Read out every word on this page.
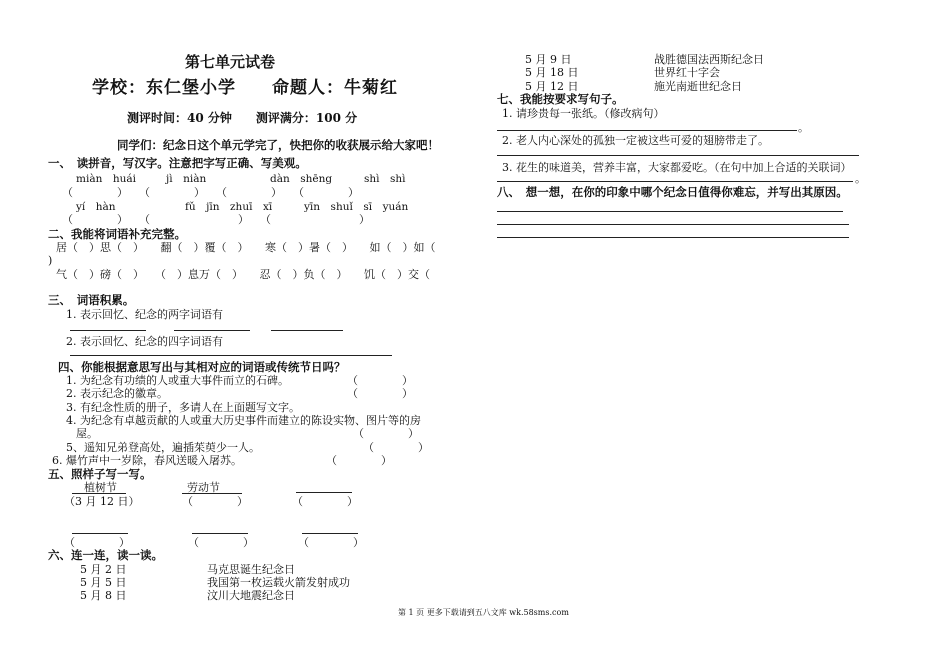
第七单元试卷
学校：东仁堡小学　　命题人：牛菊红
测评时间：40 分钟　　测评满分：100 分
同学们：纪念日这个单元学完了，快把你的收获展示给大家吧！
一、　读拼音，写汉字。注意把字写正确、写美观。
miàn　huái	jì　niàn	dàn　shēng	shì　shì
（　　　　）　　（　　　　）　　（　　　　）　　（　　　　）
yí　hàn	fǔ　jīn　zhuī　xī	yīn　shuǐ　sī　yuán
（　　　　）　　（　　　　　　　　）　　（　　　　　　　　）
二、我能将词语补充完整。
居（　）思（　）　　翻（　）覆（　）　　寒（　）暑（　）　　如（　）如（
)
气（　）磅（　）　　（　）息万（　）　　忍（　）负（　）　　饥（　）交（
三、　词语积累。
1. 表示回忆、纪念的两字词语有
2. 表示回忆、纪念的四字词语有
四、你能根据意思写出与其相对应的词语或传统节日吗？
1. 为纪念有功绩的人或重大事件而立的石碑。	（　　　　）
2. 表示纪念的徽章。	（　　　　）
3. 有纪念性质的册子，多请人在上面题写文字。
4. 为纪念有卓越贡献的人或重大历史事件而建立的陈设实物、图片等的房
屋。	（　　　　）
5、遥知兄弟登高处，遍插茱萸少一人。	（　　　　）
6. 爆竹声中一岁除，春风送暖入屠苏。	（　　　　）
五、照样子写一写。
植树节
（3 月 12 日）
劳动节
（　　　　）	（　　　　）
（　　　　）	（　　　　）	（　　　　）
六、连一连，读一读。
5 月 2 日	马克思诞生纪念日
5 月 5 日	我国第一枚运载火箭发射成功
5 月 8 日	汶川大地震纪念日
5 月 9 日	战胜德国法西斯纪念日
5 月 18 日	世界红十字会
5 月 12 日	施光南逝世纪念日
七、我能按要求写句子。
1. 请珍贵每一张纸。（修改病句）
。
2. 老人内心深处的孤独一定被这些可爱的翅膀带走了。
3. 花生的味道美，营养丰富，大家都爱吃。（在句中加上合适的关联词）
。
八、　想一想，在你的印象中哪个纪念日值得你难忘，并写出其原因。
第 1 页 更多下载请到五八文库 wk.58sms.com
